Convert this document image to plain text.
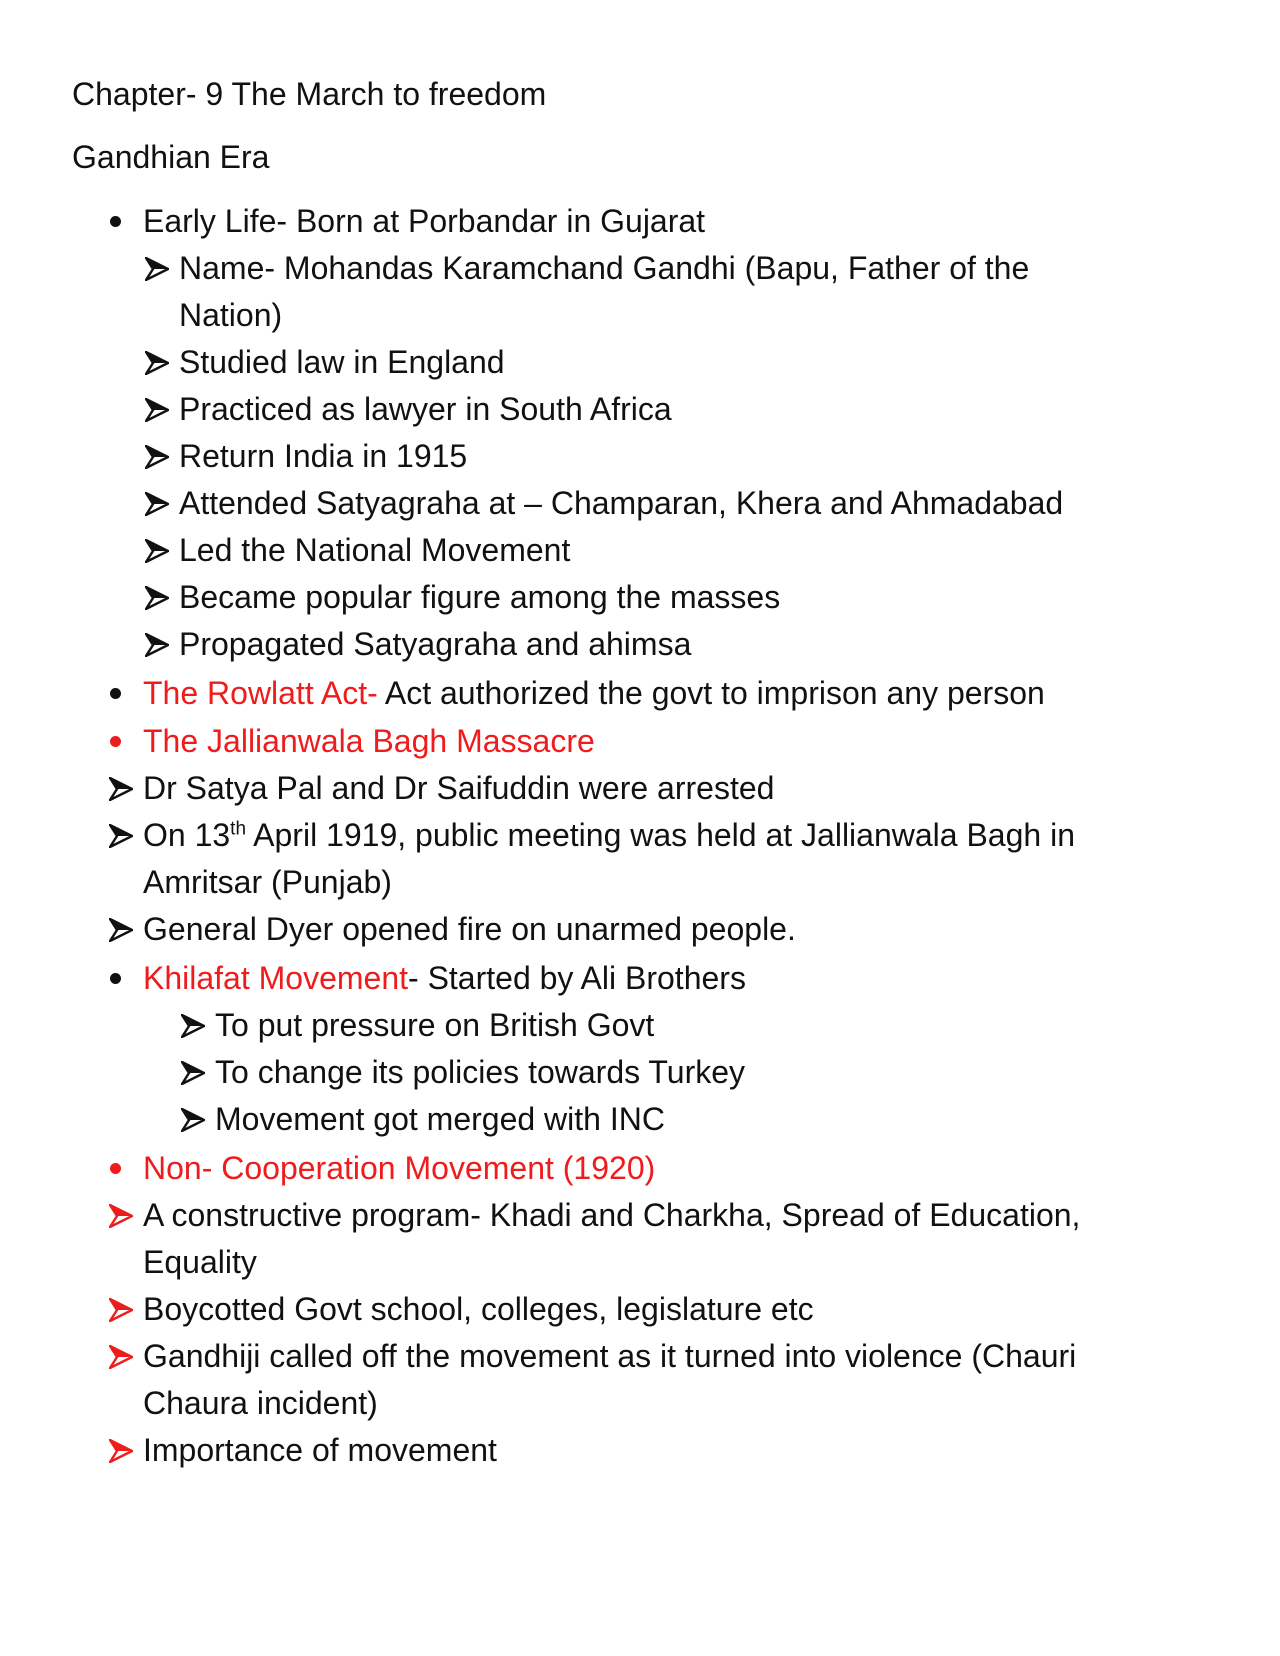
Chapter- 9 The March to freedom
Gandhian Era
Early Life- Born at Porbandar in Gujarat
Name- Mohandas Karamchand Gandhi (Bapu, Father of the
Nation)
Studied law in England
Practiced as lawyer in South Africa
Return India in 1915
Attended Satyagraha at – Champaran, Khera and Ahmadabad
Led the National Movement
Became popular figure among the masses
Propagated Satyagraha and ahimsa
The Rowlatt Act- Act authorized the govt to imprison any person
The Jallianwala Bagh Massacre
Dr Satya Pal and Dr Saifuddin were arrested
On 13th April 1919, public meeting was held at Jallianwala Bagh in
Amritsar (Punjab)
General Dyer opened fire on unarmed people.
Khilafat Movement- Started by Ali Brothers
To put pressure on British Govt
To change its policies towards Turkey
Movement got merged with INC
Non- Cooperation Movement (1920)
A constructive program- Khadi and Charkha, Spread of Education,
Equality
Boycotted Govt school, colleges, legislature etc
Gandhiji called off the movement as it turned into violence (Chauri
Chaura incident)
Importance of movement
